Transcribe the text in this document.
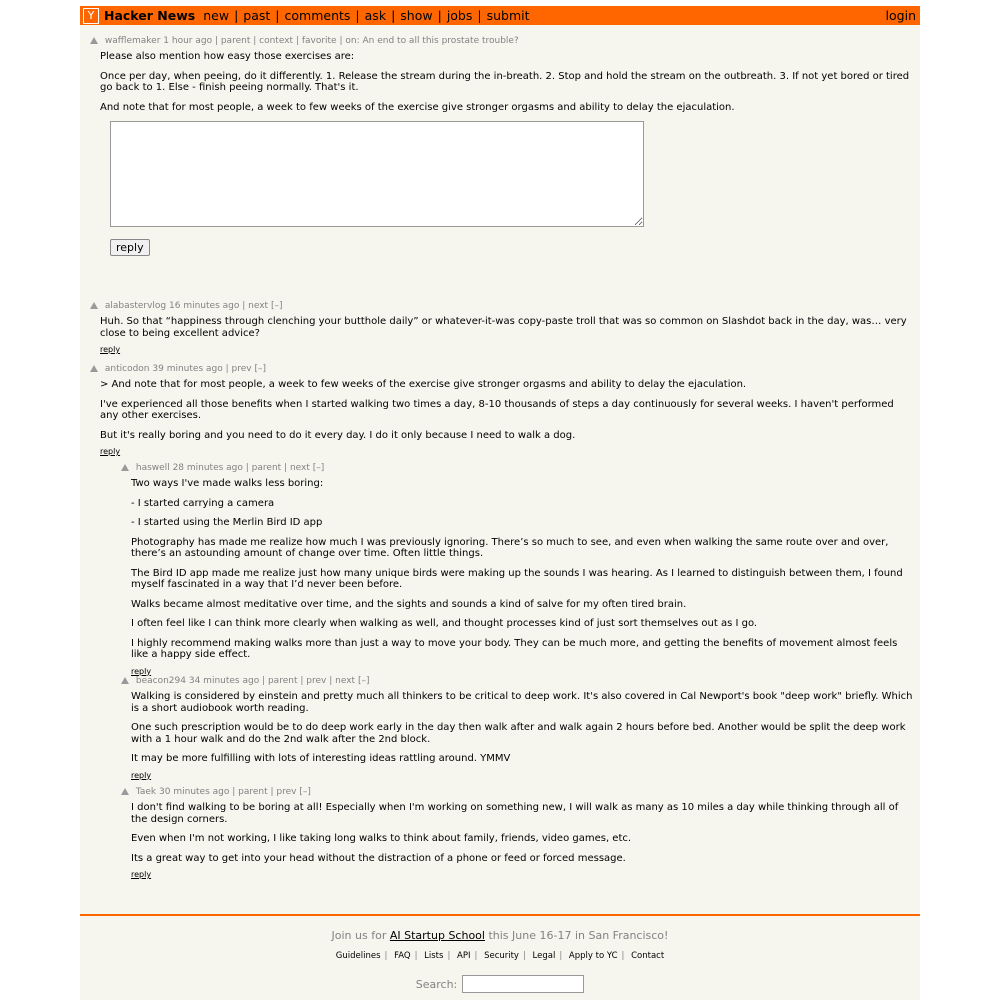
Y Hacker News new | past | comments | ask | show | jobs | submit	login
wafflemaker 1 hour ago | parent | context | favorite | on: An end to all this prostate trouble?

Please also mention how easy those exercises are:

Once per day, when peeing, do it differently. 1. Release the stream during the in-breath. 2. Stop and hold the stream on the outbreath. 3. If not yet bored or tired go back to 1. Else - finish peeing normally. That's it.

And note that for most people, a week to few weeks of the exercise give stronger orgasms and ability to delay the ejaculation.

reply
alabastervlog 16 minutes ago | next [–]

Huh. So that “happiness through clenching your butthole daily” or whatever-it-was copy-paste troll that was so common on Slashdot back in the day, was… very close to being excellent advice?

reply
anticodon 39 minutes ago | prev [–]

> And note that for most people, a week to few weeks of the exercise give stronger orgasms and ability to delay the ejaculation.

I've experienced all those benefits when I started walking two times a day, 8-10 thousands of steps a day continuously for several weeks. I haven't performed any other exercises.

But it's really boring and you need to do it every day. I do it only because I need to walk a dog.

reply
haswell 28 minutes ago | parent | next [–]

Two ways I've made walks less boring:

- I started carrying a camera

- I started using the Merlin Bird ID app

Photography has made me realize how much I was previously ignoring. There’s so much to see, and even when walking the same route over and over, there’s an astounding amount of change over time. Often little things.

The Bird ID app made me realize just how many unique birds were making up the sounds I was hearing. As I learned to distinguish between them, I found myself fascinated in a way that I’d never been before.

Walks became almost meditative over time, and the sights and sounds a kind of salve for my often tired brain.

I often feel like I can think more clearly when walking as well, and thought processes kind of just sort themselves out as I go.

I highly recommend making walks more than just a way to move your body. They can be much more, and getting the benefits of movement almost feels like a happy side effect.

reply
beacon294 34 minutes ago | parent | prev | next [–]

Walking is considered by einstein and pretty much all thinkers to be critical to deep work. It's also covered in Cal Newport's book "deep work" briefly. Which is a short audiobook worth reading.

One such prescription would be to do deep work early in the day then walk after and walk again 2 hours before bed. Another would be split the deep work with a 1 hour walk and do the 2nd walk after the 2nd block.

It may be more fulfilling with lots of interesting ideas rattling around. YMMV

reply
Taek 30 minutes ago | parent | prev [–]

I don't find walking to be boring at all! Especially when I'm working on something new, I will walk as many as 10 miles a day while thinking through all of the design corners.

Even when I'm not working, I like taking long walks to think about family, friends, video games, etc.

Its a great way to get into your head without the distraction of a phone or feed or forced message.

reply
Join us for AI Startup School this June 16-17 in San Francisco!
Guidelines | FAQ | Lists | API | Security | Legal | Apply to YC | Contact
Search:
